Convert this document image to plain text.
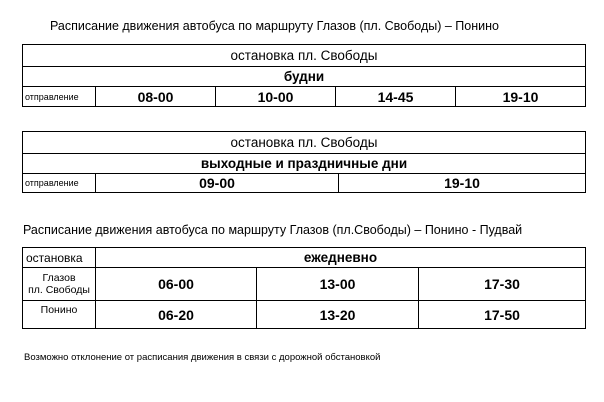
Расписание движения автобуса по маршруту Глазов (пл. Свободы) – Понино
остановка пл. Свободы
будни
отправление	08-00	10-00	14-45	19-10
остановка пл. Свободы
выходные и праздничные дни
отправление	09-00	19-10
Расписание движения автобуса по маршруту Глазов (пл.Свободы) – Понино - Пудвай
остановка	ежедневно		

Глазов
пл. Свободы	06-00	13-00	17-30
Понино	06-20	13-20	17-50
Возможно отклонение от расписания движения в связи с дорожной обстановкой
